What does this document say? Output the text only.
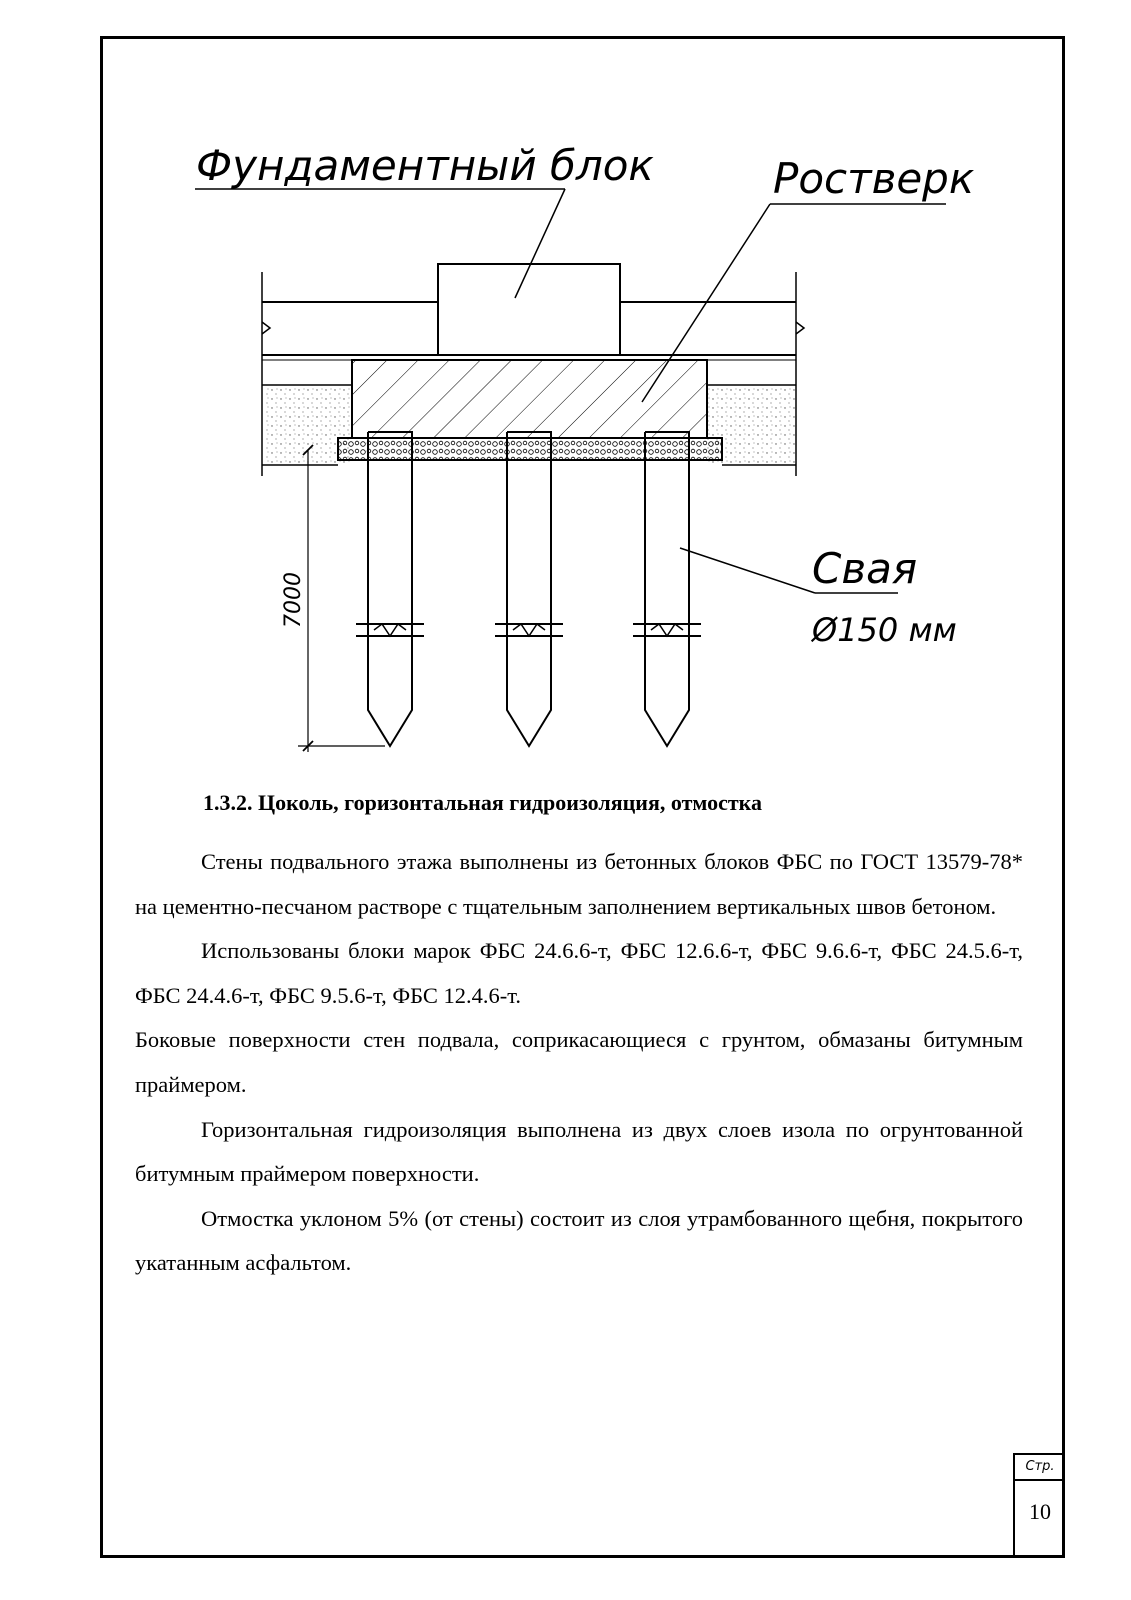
7000
Фундаментный блок	Ростверк
Свая
Ø150 мм
1.3.2. Цоколь, горизонтальная гидроизоляция, отмостка

Стены подвального этажа выполнены из бетонных блоков ФБС по ГОСТ 13579-78* на цементно-песчаном растворе с тщательным заполнением вертикальных швов бетоном.

Использованы блоки марок ФБС 24.6.6-т, ФБС 12.6.6-т, ФБС 9.6.6-т, ФБС 24.5.6-т, ФБС 24.4.6-т, ФБС 9.5.6-т, ФБС 12.4.6-т.

Боковые поверхности стен подвала, соприкасающиеся с грунтом, обмазаны битумным праймером.

Горизонтальная гидроизоляция выполнена из двух слоев изола по огрунтованной битумным праймером поверхности.

Отмостка уклоном 5% (от стены) состоит из слоя утрамбованного щебня, покрытого укатанным асфальтом.

Стр.
10
